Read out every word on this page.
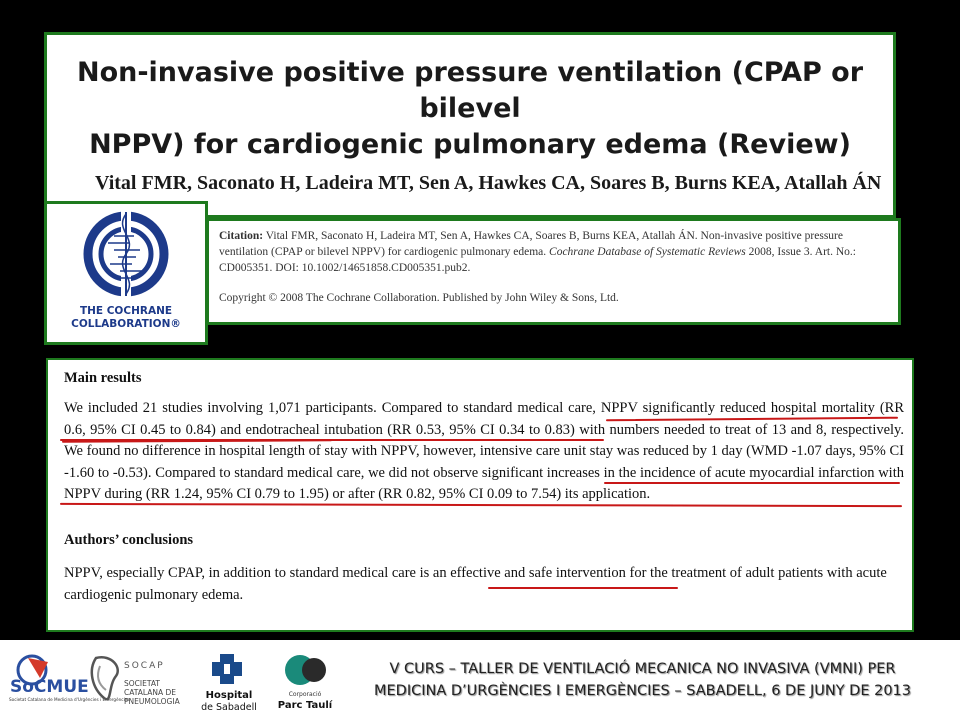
Non-invasive positive pressure ventilation (CPAP or bilevel
NPPV) for cardiogenic pulmonary edema (Review)
Vital FMR, Saconato H, Ladeira MT, Sen A, Hawkes CA, Soares B, Burns KEA, Atallah ÁN
Citation: Vital FMR, Saconato H, Ladeira MT, Sen A, Hawkes CA, Soares B, Burns KEA, Atallah ÁN. Non-invasive positive pressure ventilation (CPAP or bilevel NPPV) for cardiogenic pulmonary edema. Cochrane Database of Systematic Reviews 2008, Issue 3. Art. No.: CD005351. DOI: 10.1002/14651858.CD005351.pub2.
Copyright © 2008 The Cochrane Collaboration. Published by John Wiley & Sons, Ltd.
THE COCHRANE
COLLABORATION®
Main results
We included 21 studies involving 1,071 participants. Compared to standard medical care, NPPV significantly reduced hospital mortality (RR 0.6, 95% CI 0.45 to 0.84) and endotracheal intubation (RR 0.53, 95% CI 0.34 to 0.83) with numbers needed to treat of 13 and 8, respectively. We found no difference in hospital length of stay with NPPV, however, intensive care unit stay was reduced by 1 day (WMD -1.07 days, 95% CI -1.60 to -0.53). Compared to standard medical care, we did not observe significant increases in the incidence of acute myocardial infarction with NPPV during (RR 1.24, 95% CI 0.79 to 1.95) or after (RR 0.82, 95% CI 0.09 to 7.54) its application.
Authors’ conclusions
NPPV, especially CPAP, in addition to standard medical care is an effective and safe intervention for the treatment of adult patients with acute cardiogenic pulmonary edema.
SoCMUE
Societat Catalana de Medicina d'Urgències i Emergències
SOCAP
SOCIETAT
CATALANA DE
PNEUMOLOGIA
Hospital
de Sabadell
Corporació
Parc Taulí
V CURS – TALLER DE VENTILACIÓ MECANICA NO INVASIVA (VMNI) PER
MEDICINA D’URGÈNCIES I EMERGÈNCIES – SABADELL, 6 DE JUNY DE 2013
